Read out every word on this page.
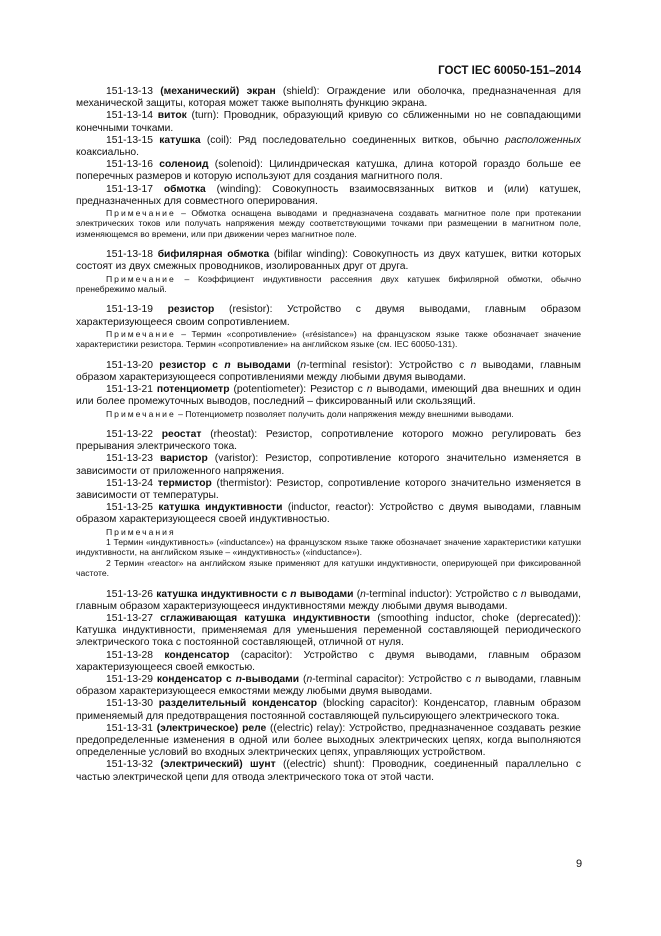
ГОСТ IEC 60050-151–2014

151-13-13 (механический) экран (shield): Ограждение или оболочка, предназначенная для механической защиты, которая может также выполнять функцию экрана.

151-13-14 виток (turn): Проводник, образующий кривую со сближенными но не совпадающими конечными точками.

151-13-15 катушка (coil): Ряд последовательно соединенных витков, обычно расположенных коаксиально.

151-13-16 соленоид (solenoid): Цилиндрическая катушка, длина которой гораздо больше ее поперечных размеров и которую используют для создания магнитного поля.

151-13-17 обмотка (winding): Совокупность взаимосвязанных витков и (или) катушек, предназначенных для совместного оперирования.

Примечание – Обмотка оснащена выводами и предназначена создавать магнитное поле при протекании электрических токов или получать напряжения между соответствующими точками при размещении в магнитном поле, изменяющемся во времени, или при движении через магнитное поле.

151-13-18 бифилярная обмотка (bifilar winding): Совокупность из двух катушек, витки которых состоят из двух смежных проводников, изолированных друг от друга.

Примечание – Коэффициент индуктивности рассеяния двух катушек бифилярной обмотки, обычно пренебрежимо малый.

151-13-19 резистор (resistor): Устройство с двумя выводами, главным образом характеризующееся своим сопротивлением.

Примечание – Термин «сопротивление» («résistance») на французском языке также обозначает значение характеристики резистора. Термин «сопротивление» на английском языке (см. IEC 60050-131).

151-13-20 резистор с n выводами (n-terminal resistor): Устройство с n выводами, главным образом характеризующееся сопротивлениями между любыми двумя выводами.

151-13-21 потенциометр (potentiometer): Резистор с n выводами, имеющий два внешних и один или более промежуточных выводов, последний – фиксированный или скользящий.

Примечание – Потенциометр позволяет получить доли напряжения между внешними выводами.

151-13-22 реостат (rheostat): Резистор, сопротивление которого можно регулировать без прерывания электрического тока.

151-13-23 варистор (varistor): Резистор, сопротивление которого значительно изменяется в зависимости от приложенного напряжения.

151-13-24 термистор (thermistor): Резистор, сопротивление которого значительно изменяется в зависимости от температуры.

151-13-25 катушка индуктивности (inductor, reactor): Устройство с двумя выводами, главным образом характеризующееся своей индуктивностью.

Примечания

1 Термин «индуктивность» («inductance») на французском языке также обозначает значение характеристики катушки индуктивности, на английском языке – «индуктивность» («inductance»).

2 Термин «reactor» на английском языке применяют для катушки индуктивности, оперирующей при фиксированной частоте.

151-13-26 катушка индуктивности с n выводами (n-terminal inductor): Устройство с n выводами, главным образом характеризующееся индуктивностями между любыми двумя выводами.

151-13-27 сглаживающая катушка индуктивности (smoothing inductor, choke (deprecated)): Катушка индуктивности, применяемая для уменьшения переменной составляющей периодического электрического тока с постоянной составляющей, отличной от нуля.

151-13-28 конденсатор (capacitor): Устройство с двумя выводами, главным образом характеризующееся своей емкостью.

151-13-29 конденсатор с n-выводами (n-terminal capacitor): Устройство с n выводами, главным образом характеризующееся емкостями между любыми двумя выводами.

151-13-30 разделительный конденсатор (blocking capacitor): Конденсатор, главным образом применяемый для предотвращения постоянной составляющей пульсирующего электрического тока.

151-13-31 (электрическое) реле ((electric) relay): Устройство, предназначенное создавать резкие предопределенные изменения в одной или более выходных электрических цепях, когда выполняются определенные условий во входных электрических цепях, управляющих устройством.

151-13-32 (электрический) шунт ((electric) shunt): Проводник, соединенный параллельно с частью электрической цепи для отвода электрического тока от этой части.

9
